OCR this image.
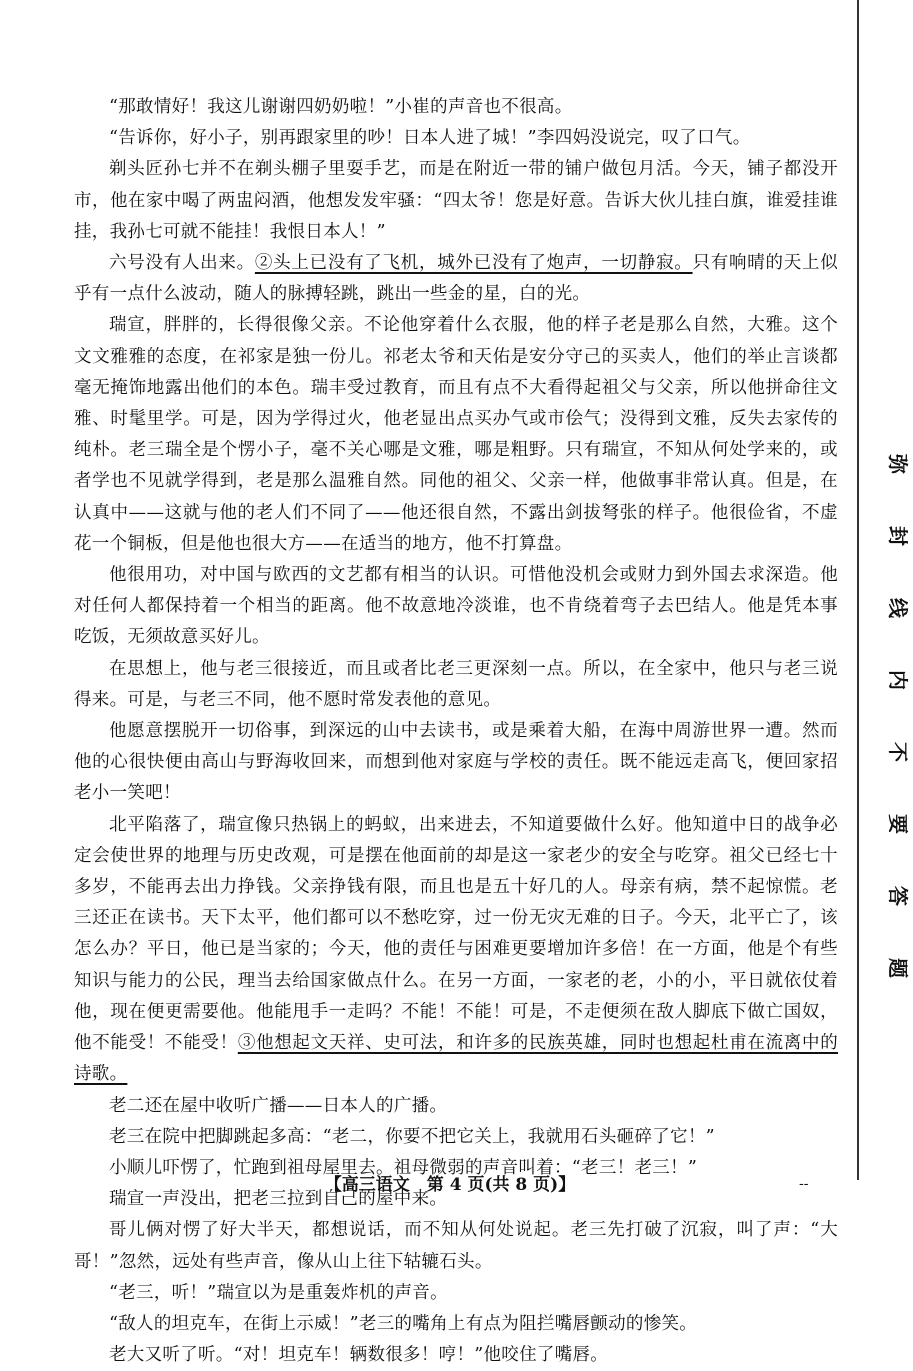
“那敢情好！我这儿谢谢四奶奶啦！”小崔的声音也不很高。

“告诉你，好小子，别再跟家里的吵！日本人进了城！”李四妈没说完，叹了口气。

剃头匠孙七并不在剃头棚子里耍手艺，而是在附近一带的铺户做包月活。今天，铺子都没开市，他在家中喝了两盅闷酒，他想发发牢骚：“四太爷！您是好意。告诉大伙儿挂白旗，谁爱挂谁挂，我孙七可就不能挂！我恨日本人！”

六号没有人出来。②头上已没有了飞机，城外已没有了炮声，一切静寂。只有响晴的天上似乎有一点什么波动，随人的脉搏轻跳，跳出一些金的星，白的光。

瑞宣，胖胖的，长得很像父亲。不论他穿着什么衣服，他的样子老是那么自然，大雅。这个文文雅雅的态度，在祁家是独一份儿。祁老太爷和天佑是安分守己的买卖人，他们的举止言谈都毫无掩饰地露出他们的本色。瑞丰受过教育，而且有点不大看得起祖父与父亲，所以他拼命往文雅、时髦里学。可是，因为学得过火，他老显出点买办气或市侩气；没得到文雅，反失去家传的纯朴。老三瑞全是个愣小子，毫不关心哪是文雅，哪是粗野。只有瑞宣，不知从何处学来的，或者学也不见就学得到，老是那么温雅自然。同他的祖父、父亲一样，他做事非常认真。但是，在认真中——这就与他的老人们不同了——他还很自然，不露出剑拔弩张的样子。他很俭省，不虚花一个铜板，但是他也很大方——在适当的地方，他不打算盘。

他很用功，对中国与欧西的文艺都有相当的认识。可惜他没机会或财力到外国去求深造。他对任何人都保持着一个相当的距离。他不故意地冷淡谁，也不肯绕着弯子去巴结人。他是凭本事吃饭，无须故意买好儿。

在思想上，他与老三很接近，而且或者比老三更深刻一点。所以，在全家中，他只与老三说得来。可是，与老三不同，他不愿时常发表他的意见。

他愿意摆脱开一切俗事，到深远的山中去读书，或是乘着大船，在海中周游世界一遭。然而他的心很快便由高山与野海收回来，而想到他对家庭与学校的责任。既不能远走高飞，便回家招老小一笑吧！

北平陷落了，瑞宣像只热锅上的蚂蚁，出来进去，不知道要做什么好。他知道中日的战争必定会使世界的地理与历史改观，可是摆在他面前的却是这一家老少的安全与吃穿。祖父已经七十多岁，不能再去出力挣钱。父亲挣钱有限，而且也是五十好几的人。母亲有病，禁不起惊慌。老三还正在读书。天下太平，他们都可以不愁吃穿，过一份无灾无难的日子。今天，北平亡了，该怎么办？平日，他已是当家的；今天，他的责任与困难更要增加许多倍！在一方面，他是个有些知识与能力的公民，理当去给国家做点什么。在另一方面，一家老的老，小的小，平日就依仗着他，现在便更需要他。他能甩手一走吗？不能！不能！可是，不走便须在敌人脚底下做亡国奴，他不能受！不能受！③他想起文天祥、史可法，和许多的民族英雄，同时也想起杜甫在流离中的诗歌。

老二还在屋中收听广播——日本人的广播。

老三在院中把脚跳起多高：“老二，你要不把它关上，我就用石头砸碎了它！”

小顺儿吓愣了，忙跑到祖母屋里去。祖母微弱的声音叫着：“老三！老三！”

瑞宣一声没出，把老三拉到自己的屋中来。

哥儿俩对愣了好大半天，都想说话，而不知从何处说起。老三先打破了沉寂，叫了声：“大哥！”忽然，远处有些声音，像从山上往下轱辘石头。

“老三，听！”瑞宣以为是重轰炸机的声音。

“敌人的坦克车，在街上示威！”老三的嘴角上有点为阻拦嘴唇颤动的惨笑。

老大又听了听。“对！坦克车！辆数很多！哼！”他咬住了嘴唇。

弥
封
线
内
不
要
答
题
【高三语文　第 4 页(共 8 页)】	--
